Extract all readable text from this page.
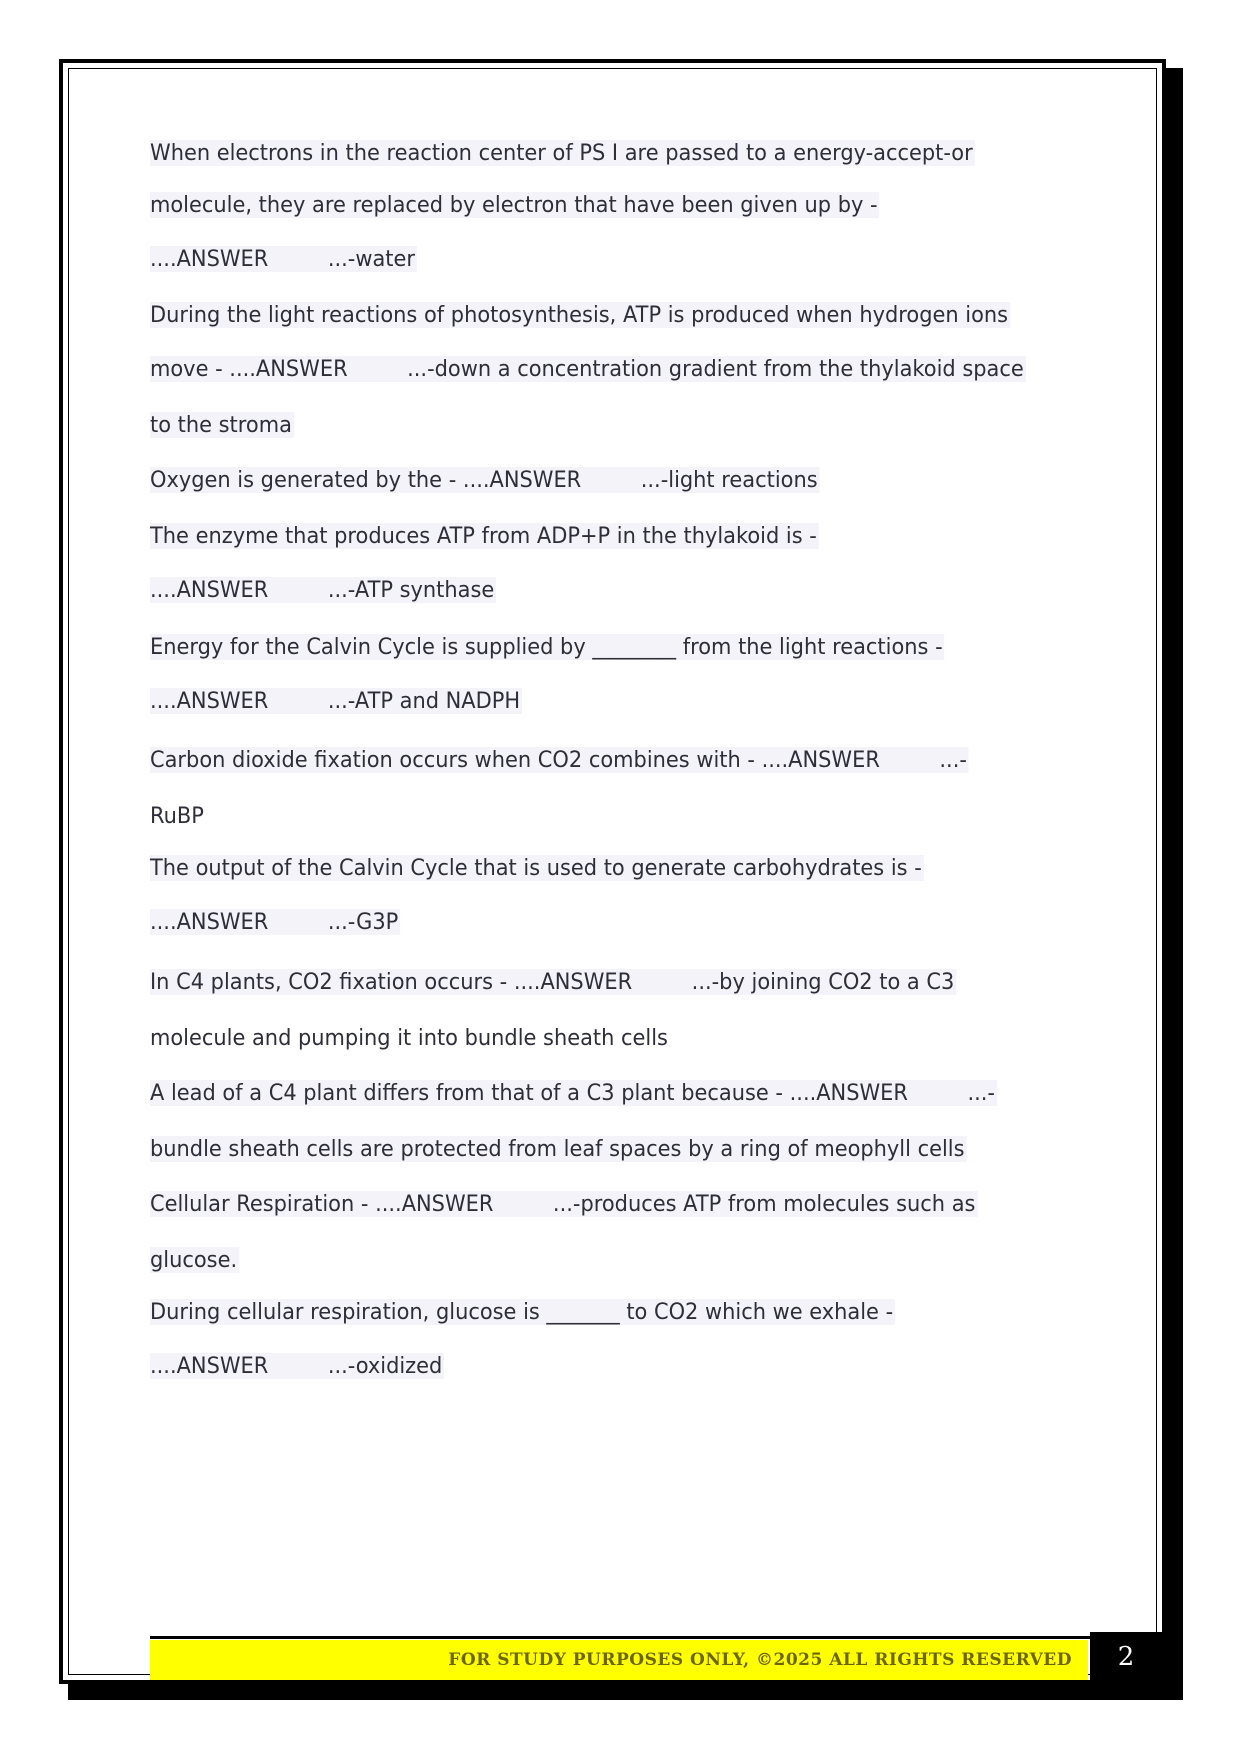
When electrons in the reaction center of PS I are passed to a energy-accept-or
molecule, they are replaced by electron that have been given up by -
....ANSWER	...-water
During the light reactions of photosynthesis, ATP is produced when hydrogen ions
move - ....ANSWER	...-down a concentration gradient from the thylakoid space
to the stroma
Oxygen is generated by the - ....ANSWER	...-light reactions
The enzyme that produces ATP from ADP+P in the thylakoid is -
....ANSWER	...-ATP synthase
Energy for the Calvin Cycle is supplied by ________ from the light reactions -
....ANSWER	...-ATP and NADPH
Carbon dioxide fixation occurs when CO2 combines with - ....ANSWER	...-
RuBP
The output of the Calvin Cycle that is used to generate carbohydrates is -
....ANSWER	...-G3P
In C4 plants, CO2 fixation occurs - ....ANSWER	...-by joining CO2 to a C3
molecule and pumping it into bundle sheath cells
A lead of a C4 plant differs from that of a C3 plant because - ....ANSWER	...-
bundle sheath cells are protected from leaf spaces by a ring of meophyll cells
Cellular Respiration - ....ANSWER	...-produces ATP from molecules such as
glucose.
During cellular respiration, glucose is _______ to CO2 which we exhale -
....ANSWER	...-oxidized
FOR STUDY PURPOSES ONLY, ©2025 ALL RIGHTS RESERVED 2
